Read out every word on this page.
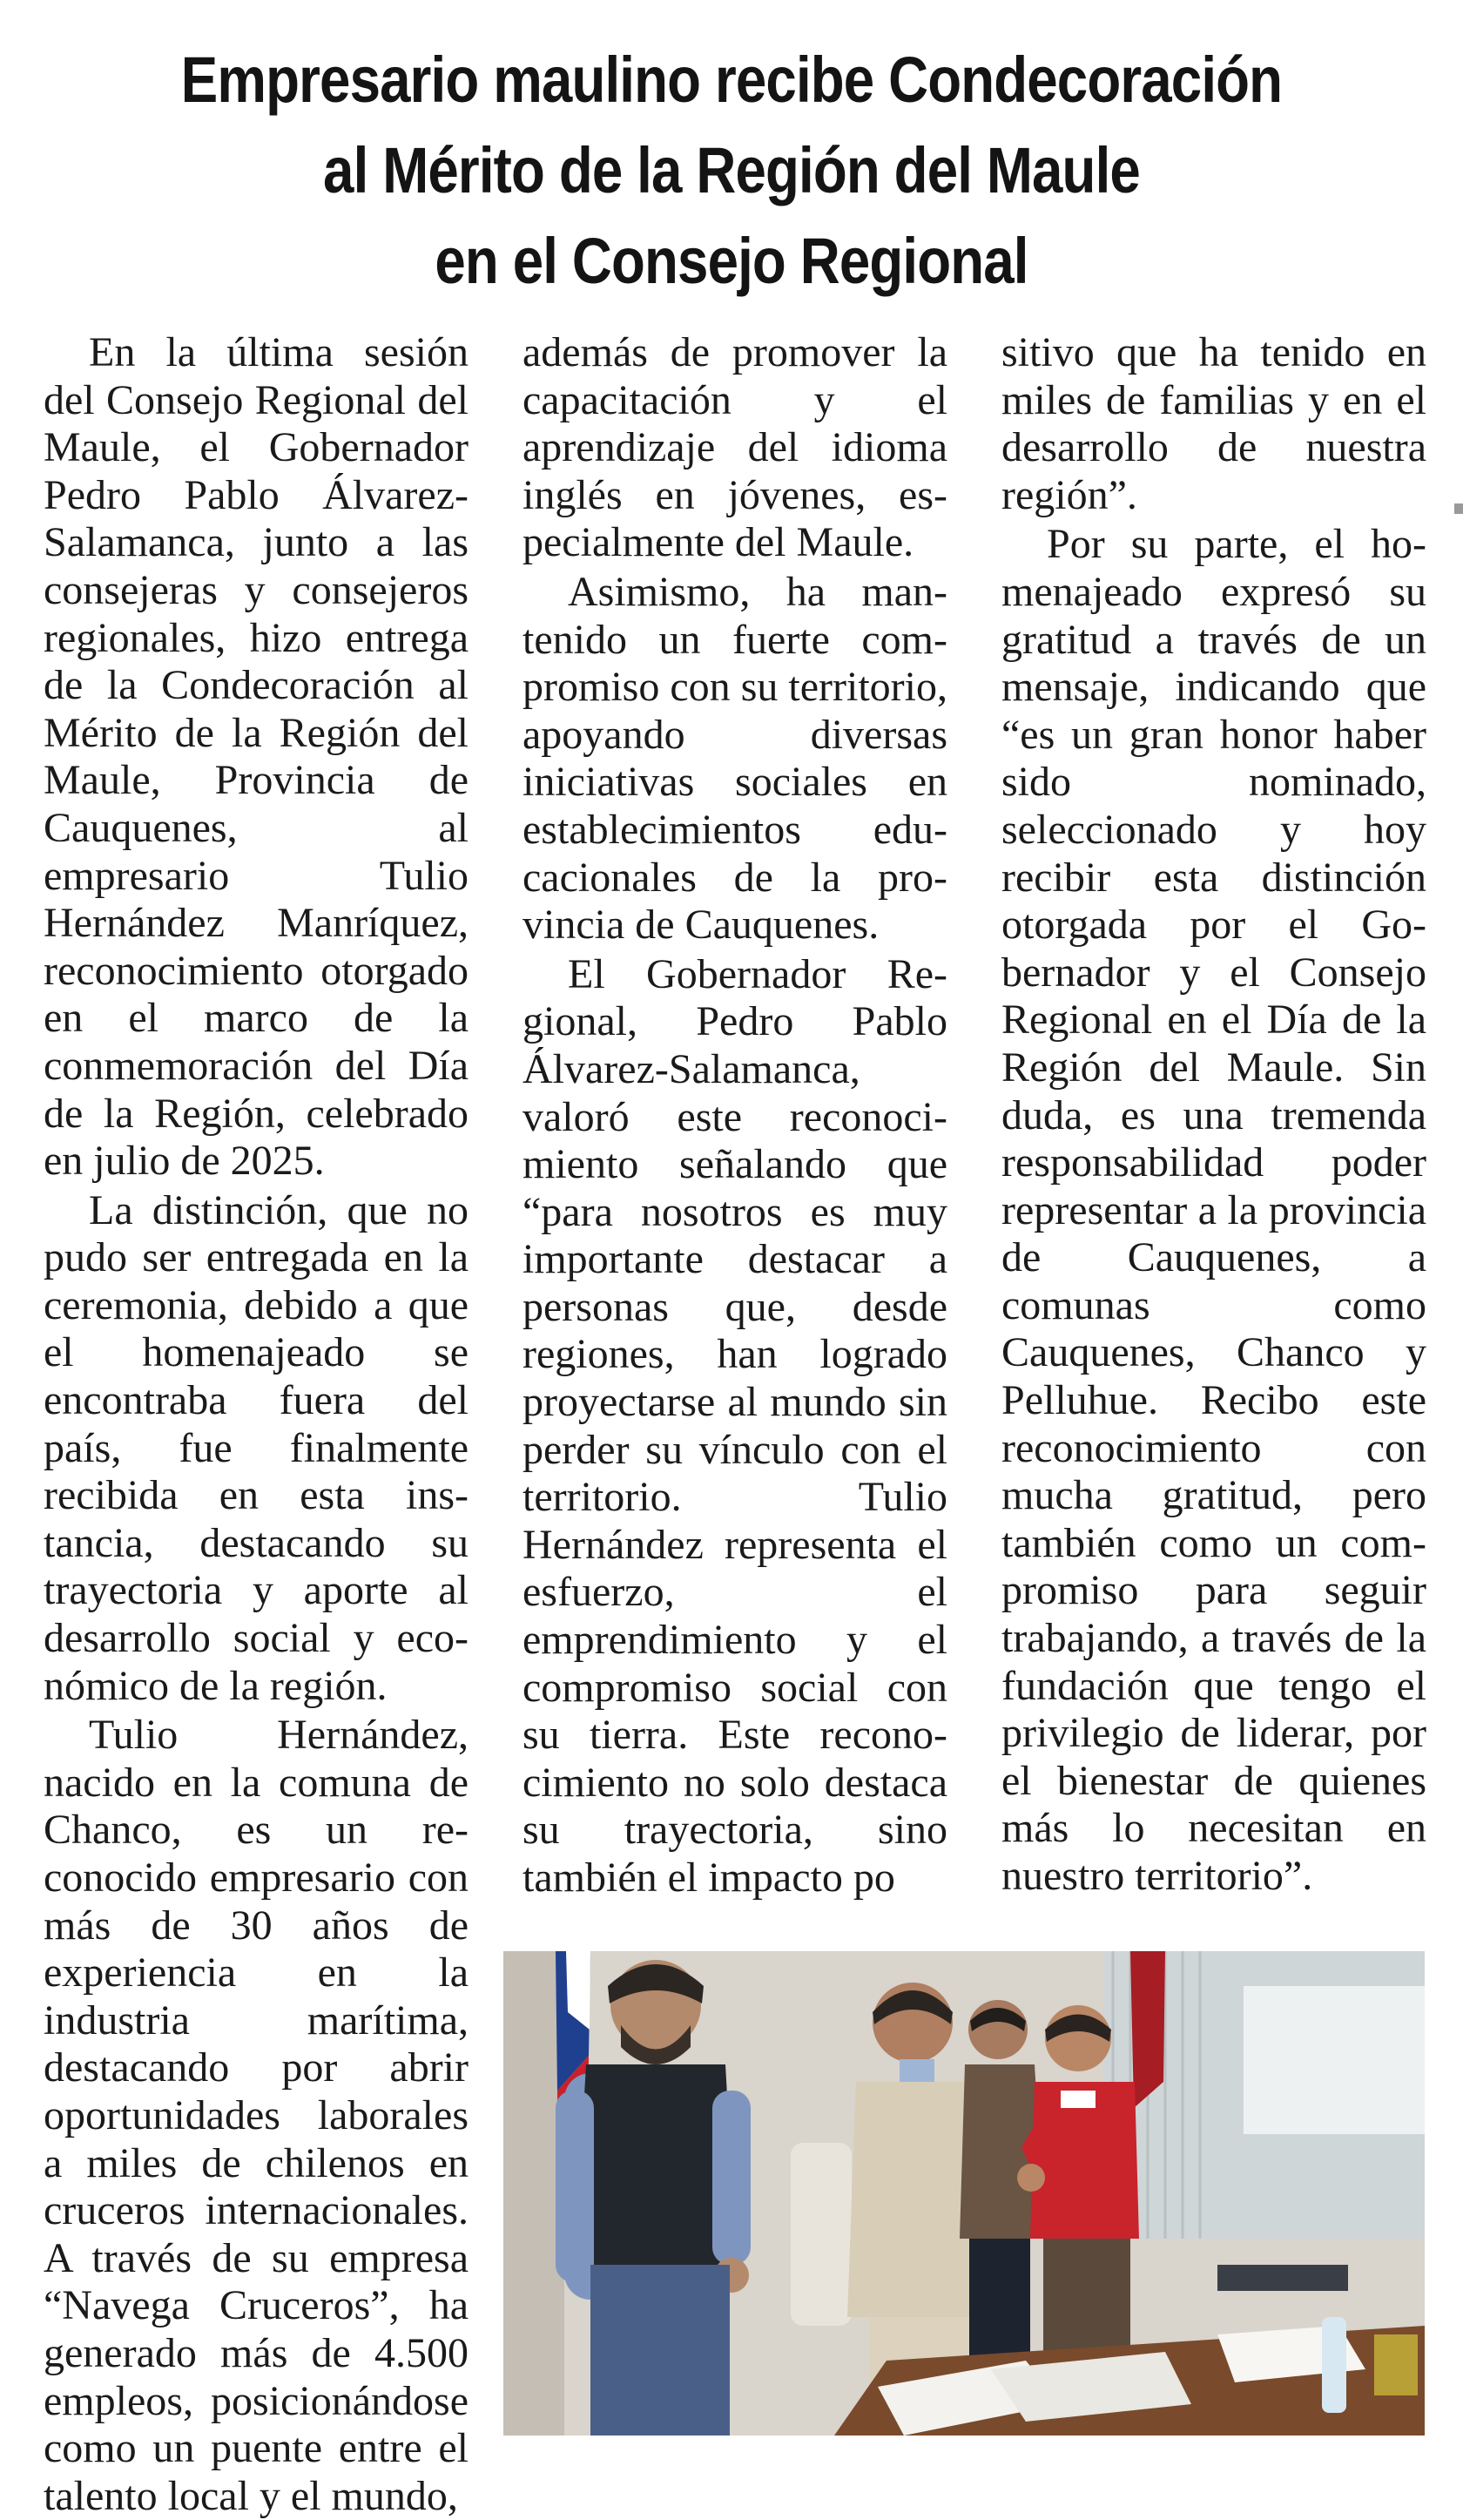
Empresario maulino recibe Condecoración
al Mérito de la Región del Maule
en el Consejo Regional

En la última sesión del Consejo Regional del Maule, el Gobernador Pedro Pablo Álvarez-Salamanca, junto a las consejeras y consejeros regionales, hizo entrega de la Condecoración al Mérito de la Región del Maule, Provincia de Cauquenes, al empresario Tulio Hernández Manríquez, reconocimiento otorgado en el marco de la conmemoración del Día de la Región, celebrado en julio de 2025.

La distinción, que no pudo ser entregada en la ceremonia, debido a que el homenajeado se encontraba fuera del país, fue finalmente recibida en esta instancia, destacando su trayectoria y aporte al desarrollo social y económico de la región.

Tulio Hernández, nacido en la comuna de Chanco, es un reconocido empresario con más de 30 años de experiencia en la industria marítima, destacando por abrir oportunidades laborales a miles de chilenos en cruceros internacionales. A través de su empresa “Navega Cruceros”, ha generado más de 4.500 empleos, posicionándose como un puente entre el talento local y el mundo,

además de promover la capacitación y el aprendizaje del idioma inglés en jóvenes, especialmente del Maule.

Asimismo, ha mantenido un fuerte compromiso con su territorio, apoyando diversas iniciativas sociales en establecimientos educacionales de la provincia de Cauquenes.

El Gobernador Regional, Pedro Pablo Álvarez-Salamanca, valoró este reconocimiento señalando que “para nosotros es muy importante destacar a personas que, desde regiones, han logrado proyectarse al mundo sin perder su vínculo con el territorio. Tulio Hernández representa el esfuerzo, el emprendimiento y el compromiso social con su tierra. Este reconocimiento no solo destaca su trayectoria, sino también el impacto po

sitivo que ha tenido en miles de familias y en el desarrollo de nuestra región”.

Por su parte, el homenajeado expresó su gratitud a través de un mensaje, indicando que “es un gran honor haber sido nominado, seleccionado y hoy recibir esta distinción otorgada por el Gobernador y el Consejo Regional en el Día de la Región del Maule. Sin duda, es una tremenda responsabilidad poder representar a la provincia de Cauquenes, a comunas como Cauquenes, Chanco y Pelluhue. Recibo este reconocimiento con mucha gratitud, pero también como un compromiso para seguir trabajando, a través de la fundación que tengo el privilegio de liderar, por el bienestar de quienes más lo necesitan en nuestro territorio”.
